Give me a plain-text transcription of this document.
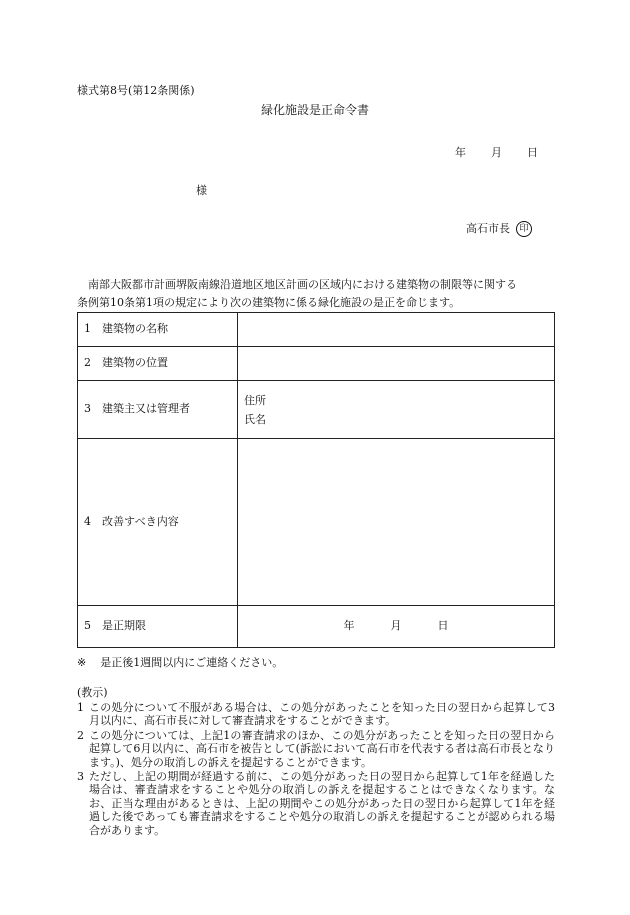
様式第8号(第12条関係)
緑化施設是正命令書
年 月 日
様
高石市長	印
南部大阪都市計画堺阪南線沿道地区地区計画の区域内における建築物の制限等に関する
条例第10条第1項の規定により次の建築物に係る緑化施設の是正を命じます。
1　建築物の名称	
2　建築物の位置	
3　建築主又は管理者	住所
氏名

4　改善すべき内容	
5　是正期限	年 月 日
※ 是正後1週間以内にご連絡ください。
(教示)
1 この処分について不服がある場合は、この処分があったことを知った日の翌日から起算して3月以内に、高石市長に対して審査請求をすることができます。
2 この処分については、上記1の審査請求のほか、この処分があったことを知った日の翌日から起算して6月以内に、高石市を被告として(訴訟において高石市を代表する者は高石市長となります。)、処分の取消しの訴えを提起することができます。
3 ただし、上記の期間が経過する前に、この処分があった日の翌日から起算して1年を経過した場合は、審査請求をすることや処分の取消しの訴えを提起することはできなくなります。なお、正当な理由があるときは、上記の期間やこの処分があった日の翌日から起算して1年を経過した後であっても審査請求をすることや処分の取消しの訴えを提起することが認められる場合があります。
